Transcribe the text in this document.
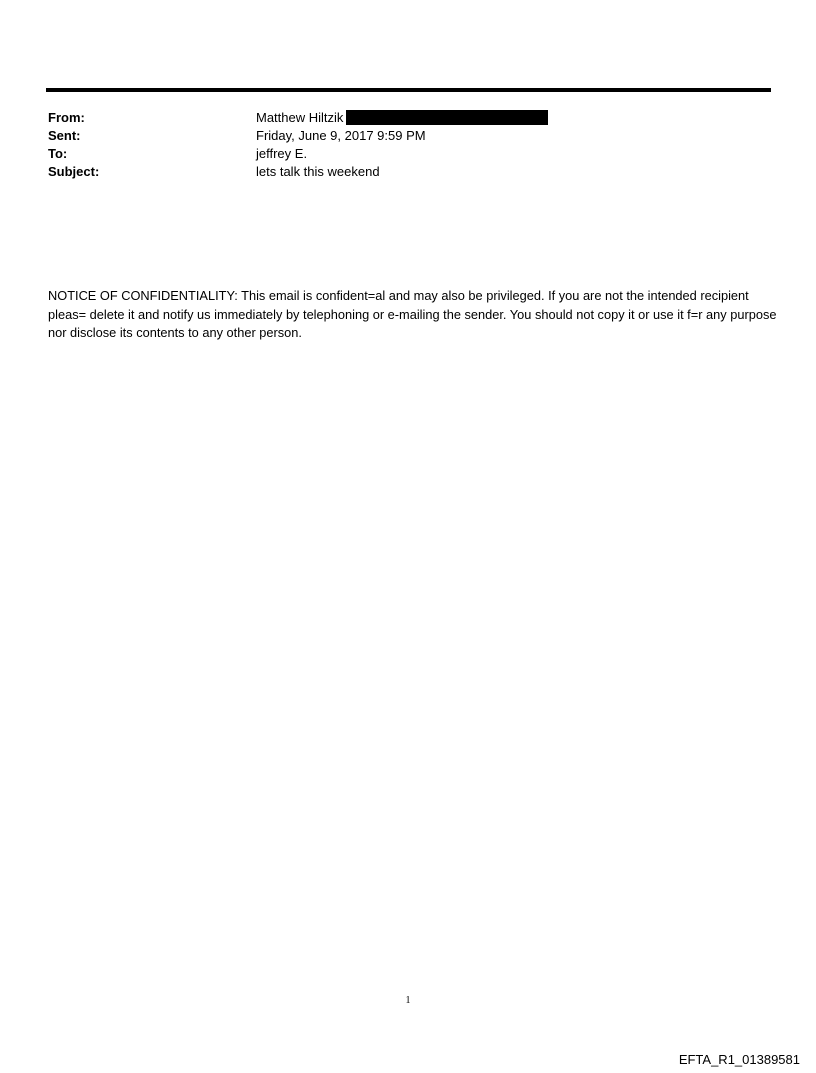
From:	Matthew Hiltzik
Sent:	Friday, June 9, 2017 9:59 PM
To:	jeffrey E.
Subject:	lets talk this weekend
NOTICE OF CONFIDENTIALITY: This email is confident=al and may also be privileged. If you are not the intended recipient pleas= delete it and notify us immediately by telephoning or e-mailing the sender. You should not copy it or use it f=r any purpose nor disclose its contents to any other person.
1
EFTA_R1_01389581
